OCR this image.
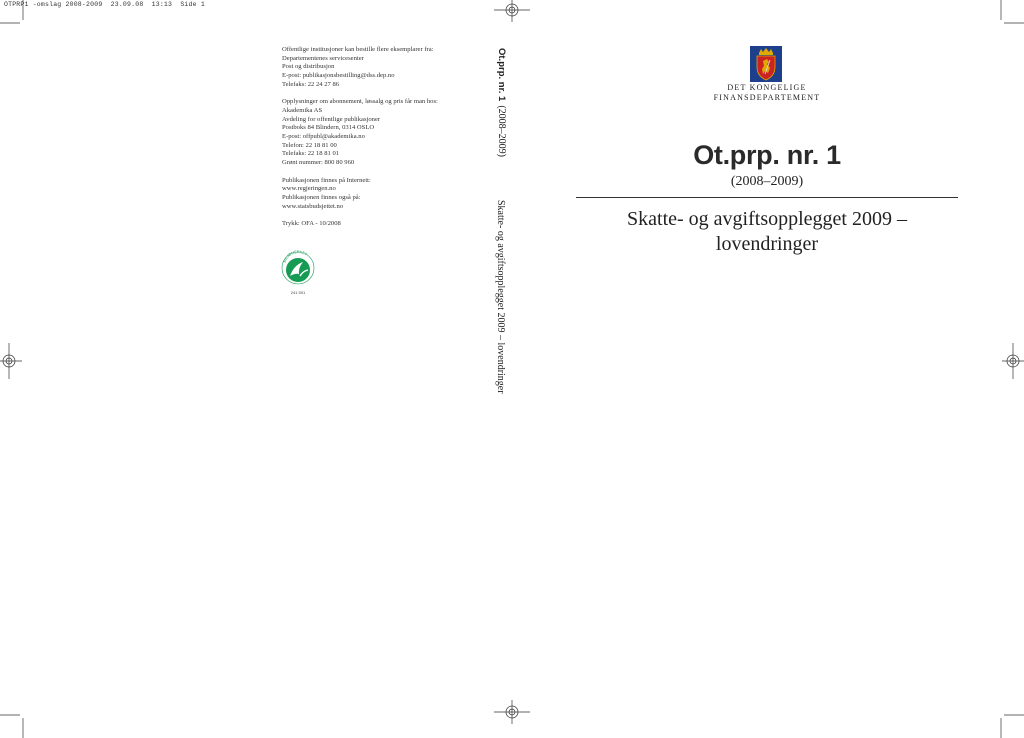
OTPRP1 -omslag 2008-2009  23.09.08  13:13  Side 1
Offentlige institusjoner kan bestille flere eksemplarer fra:
Departementenes servicesenter
Post og distribusjon
E-post: publikasjonsbestilling@dss.dep.no
Telefaks: 22 24 27 86
Opplysninger om abonnement, løssalg og pris får man hos:
Akademika AS
Avdeling for offentlige publikasjoner
Postboks 84 Blindern, 0314 OSLO
E-post: offpubl@akademika.no
Telefon: 22 18 81 00
Telefaks: 22 18 81 01
Grønt nummer: 800 80 960
Publikasjonen finnes på Internett:
www.regjeringen.no
Publikasjonen finnes også på:
www.statsbudsjettet.no
Trykk: OFA - 10/2008
MILJØMERKET
241 591
Ot.prp. nr. 1 (2008–2009)
Skatte- og avgiftsopplegget 2009 – lovendringer
DET KONGELIGE
FINANSDEPARTEMENT
Ot.prp. nr. 1
(2008–2009)
Skatte- og avgiftsopplegget 2009 – lovendringer
